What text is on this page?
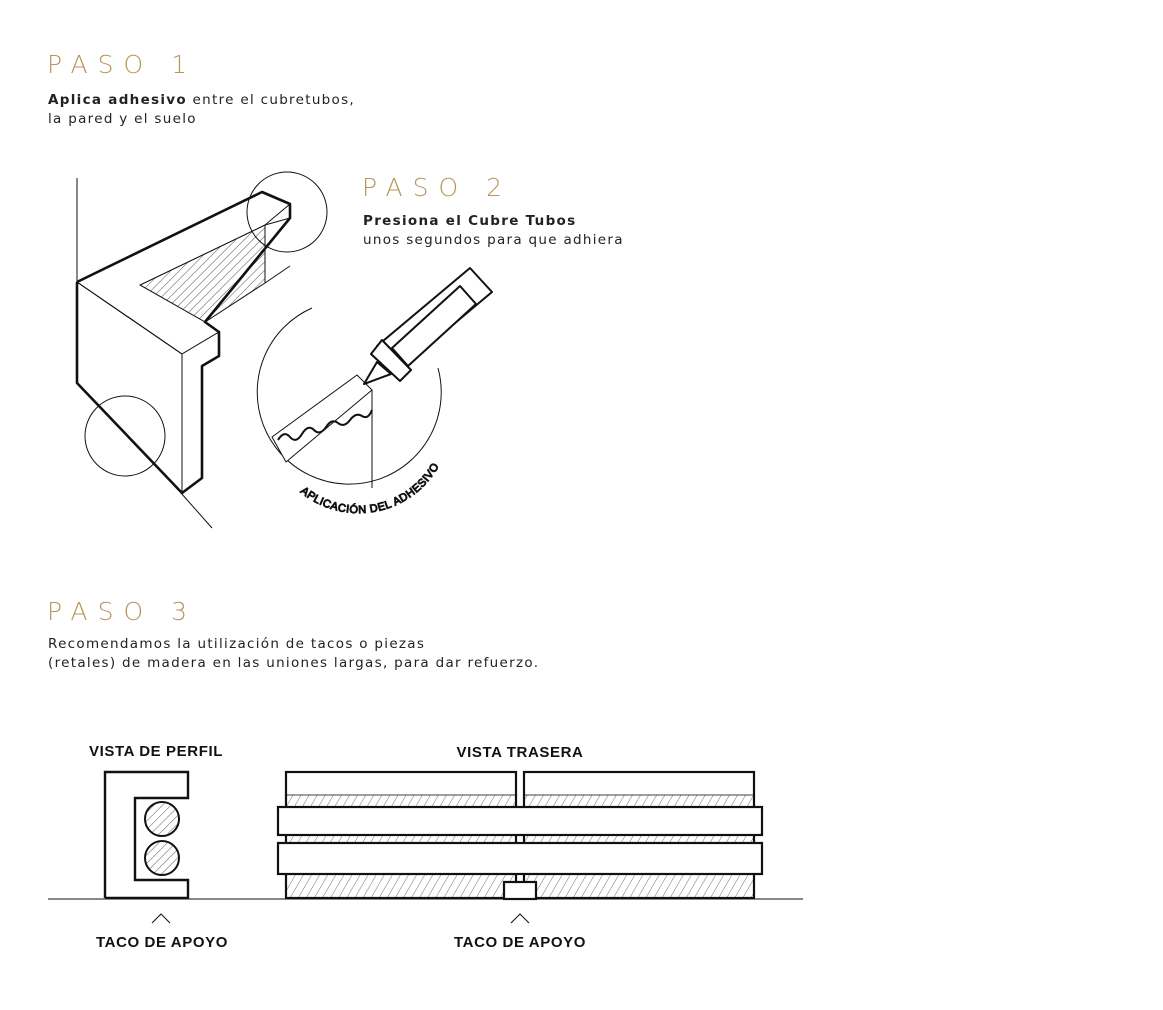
PASO 1

Aplica adhesivo entre el cubretubos,
la pared y el suelo

PASO 2

Presiona el Cubre Tubos
unos segundos para que adhiera

PASO 3

Recomendamos la utilización de tacos o piezas
(retales) de madera en las uniones largas, para dar refuerzo.

APLICACIÓN DEL ADHESIVO
VISTA DE PERFIL
TACO DE APOYO
VISTA TRASERA
TACO DE APOYO
